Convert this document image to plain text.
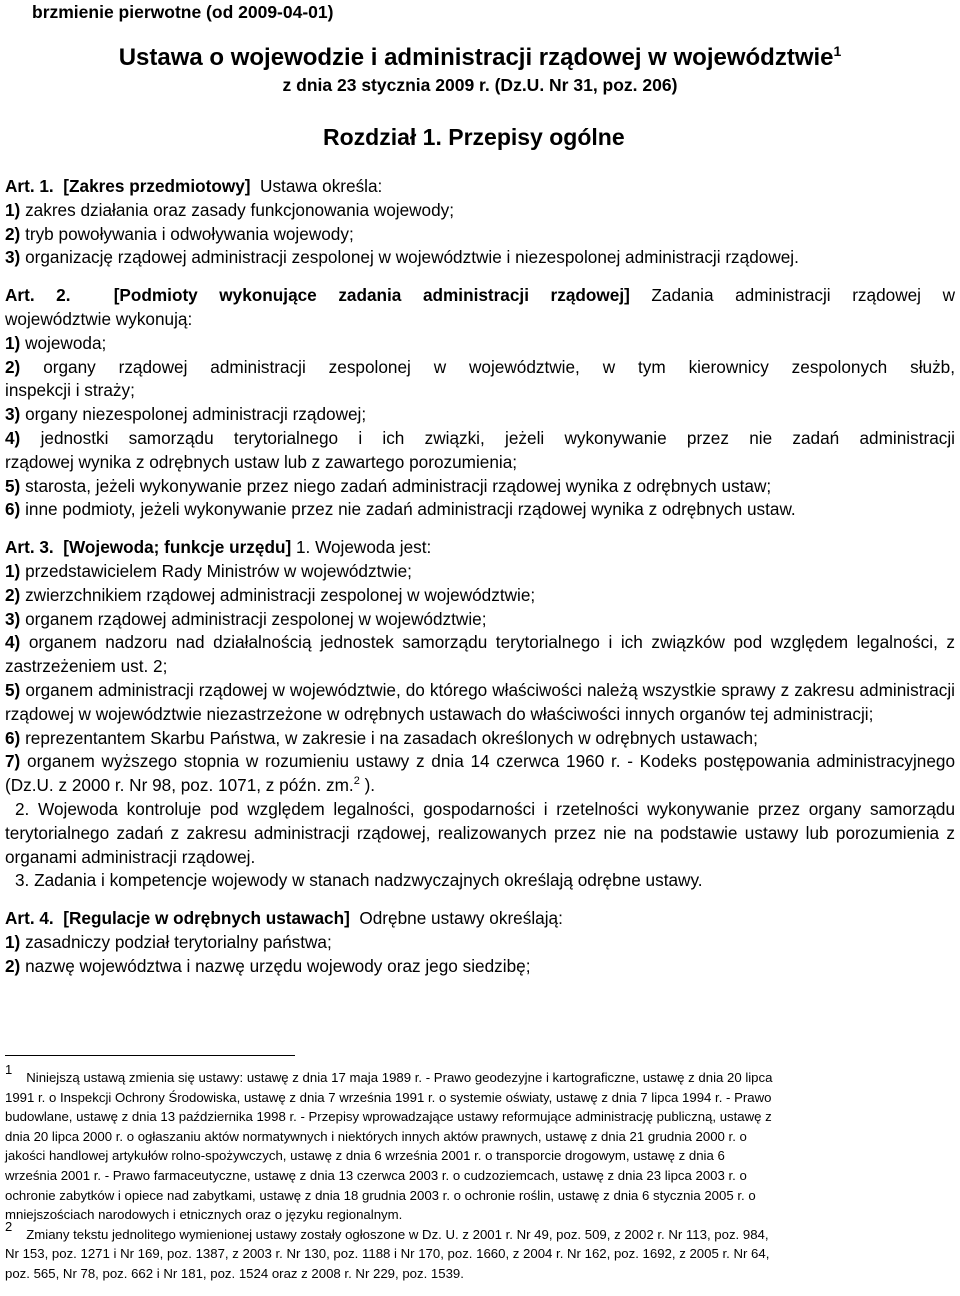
brzmienie pierwotne (od 2009-04-01)
Ustawa o wojewodzie i administracji rządowej w województwie$^1$
z dnia 23 stycznia 2009 r. (Dz.U. Nr 31, poz. 206)
Rozdział 1. Przepisy ogólne

Art. 1. [Zakres przedmiotowy] Ustawa określa:

1) zakres działania oraz zasady funkcjonowania wojewody;

2) tryb powoływania i odwoływania wojewody;

3) organizację rządowej administracji zespolonej w województwie i niezespolonej administracji rządowej.

Art. 2.	[Podmioty wykonujące zadania administracji rządowej] Zadania administracji rządowej w

województwie wykonują:

1) wojewoda;

2) organy rządowej administracji zespolonej w województwie, w tym kierownicy zespolonych służb,

inspekcji i straży;

3) organy niezespolonej administracji rządowej;

4) jednostki samorządu terytorialnego i ich związki, jeżeli wykonywanie przez nie zadań administracji

rządowej wynika z odrębnych ustaw lub z zawartego porozumienia;

5) starosta, jeżeli wykonywanie przez niego zadań administracji rządowej wynika z odrębnych ustaw;

6) inne podmioty, jeżeli wykonywanie przez nie zadań administracji rządowej wynika z odrębnych ustaw.

Art. 3. [Wojewoda; funkcje urzędu] 1. Wojewoda jest:

1) przedstawicielem Rady Ministrów w województwie;

2) zwierzchnikiem rządowej administracji zespolonej w województwie;

3) organem rządowej administracji zespolonej w województwie;

4) organem nadzoru nad działalnością jednostek samorządu terytorialnego i ich związków pod względem legalności, z zastrzeżeniem ust. 2;

5) organem administracji rządowej w województwie, do którego właściwości należą wszystkie sprawy z zakresu administracji rządowej w województwie niezastrzeżone w odrębnych ustawach do właściwości innych organów tej administracji;

6) reprezentantem Skarbu Państwa, w zakresie i na zasadach określonych w odrębnych ustawach;

7) organem wyższego stopnia w rozumieniu ustawy z dnia 14 czerwca 1960 r. - Kodeks postępowania administracyjnego (Dz.U. z 2000 r. Nr 98, poz. 1071, z późn. zm.$^2$ ).

2. Wojewoda kontroluje pod względem legalności, gospodarności i rzetelności wykonywanie przez organy samorządu terytorialnego zadań z zakresu administracji rządowej, realizowanych przez nie na podstawie ustawy lub porozumienia z organami administracji rządowej.

3. Zadania i kompetencje wojewody w stanach nadzwyczajnych określają odrębne ustawy.

Art. 4. [Regulacje w odrębnych ustawach] Odrębne ustawy określają:

1) zasadniczy podział terytorialny państwa;

2) nazwę województwa i nazwę urzędu wojewody oraz jego siedzibę;

1Niniejszą ustawą zmienia się ustawy: ustawę z dnia 17 maja 1989 r. - Prawo geodezyjne i kartograficzne, ustawę z dnia 20 lipca

1991 r. o Inspekcji Ochrony Środowiska, ustawę z dnia 7 września 1991 r. o systemie oświaty, ustawę z dnia 7 lipca 1994 r. - Prawo

budowlane, ustawę z dnia 13 października 1998 r. - Przepisy wprowadzające ustawy reformujące administrację publiczną, ustawę z

dnia 20 lipca 2000 r. o ogłaszaniu aktów normatywnych i niektórych innych aktów prawnych, ustawę z dnia 21 grudnia 2000 r. o

jakości handlowej artykułów rolno-spożywczych, ustawę z dnia 6 września 2001 r. o transporcie drogowym, ustawę z dnia 6

września 2001 r. - Prawo farmaceutyczne, ustawę z dnia 13 czerwca 2003 r. o cudzoziemcach, ustawę z dnia 23 lipca 2003 r. o

ochronie zabytków i opiece nad zabytkami, ustawę z dnia 18 grudnia 2003 r. o ochronie roślin, ustawę z dnia 6 stycznia 2005 r. o

mniejszościach narodowych i etnicznych oraz o języku regionalnym.

2Zmiany tekstu jednolitego wymienionej ustawy zostały ogłoszone w Dz. U. z 2001 r. Nr 49, poz. 509, z 2002 r. Nr 113, poz. 984,

Nr 153, poz. 1271 i Nr 169, poz. 1387, z 2003 r. Nr 130, poz. 1188 i Nr 170, poz. 1660, z 2004 r. Nr 162, poz. 1692, z 2005 r. Nr 64,

poz. 565, Nr 78, poz. 662 i Nr 181, poz. 1524 oraz z 2008 r. Nr 229, poz. 1539.
